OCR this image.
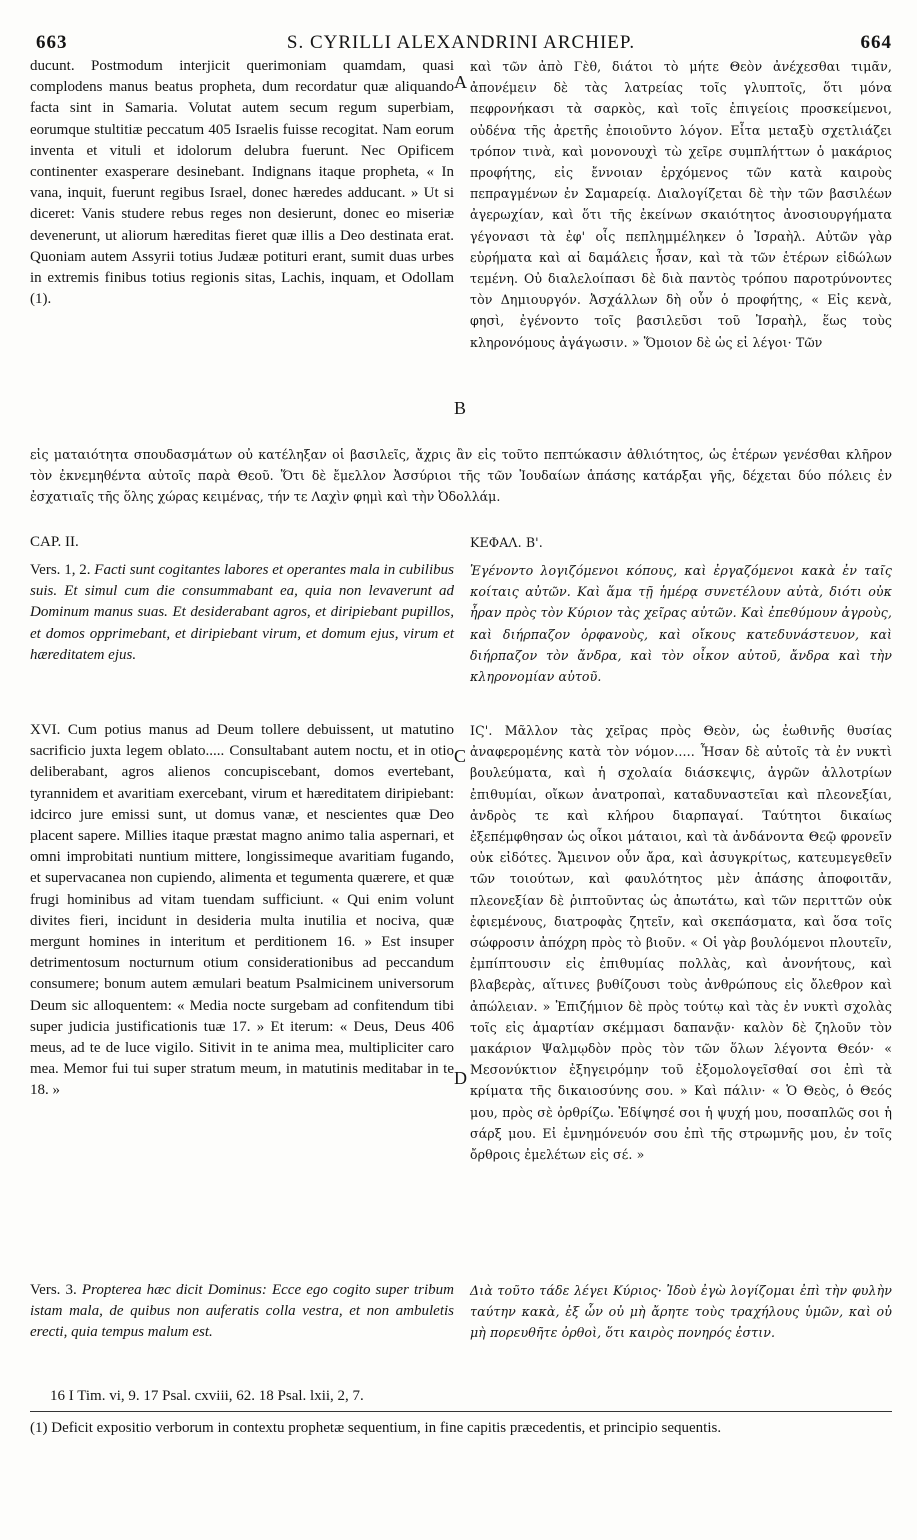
663	S. CYRILLI ALEXANDRINI ARCHIEP.	664

ducunt. Postmodum interjicit querimoniam quamdam, quasi complodens manus beatus propheta, dum recordatur quæ aliquando facta sint in Samaria. Volutat autem secum regum superbiam, eorumque stultitiæ peccatum 405 Israelis fuisse recogitat. Nam eorum inventa et vituli et idolorum delubra fuerunt. Nec Opificem continenter exasperare desinebant. Indignans itaque propheta, « In vana, inquit, fuerunt regibus Israel, donec hæredes adducant. » Ut si diceret: Vanis studere rebus reges non desierunt, donec eo miseriæ devenerunt, ut aliorum hæreditas fieret quæ illis a Deo destinata erat. Quoniam autem Assyrii totius Judææ potituri erant, sumit duas urbes in extremis finibus totius regionis sitas, Lachis, inquam, et Odollam (1).

καὶ τῶν ἀπὸ Γὲθ, διάτοι τὸ μήτε Θεὸν ἀνέχεσθαι τιμᾶν, ἀπονέμειν δὲ τὰς λατρείας τοῖς γλυπτοῖς, ὅτι μόνα πεφρονήκασι τὰ σαρκὸς, καὶ τοῖς ἐπιγείοις προσκείμενοι, οὐδένα τῆς ἀρετῆς ἐποιοῦντο λόγον. Εἶτα μεταξὺ σχετλιάζει τρόπον τινὰ, καὶ μονονουχὶ τὼ χεῖρε συμπλήττων ὁ μακάριος προφήτης, εἰς ἔννοιαν ἐρχόμενος τῶν κατὰ καιροὺς πεπραγμένων ἐν Σαμαρείᾳ. Διαλογίζεται δὲ τὴν τῶν βασιλέων ἀγερωχίαν, καὶ ὅτι τῆς ἐκείνων σκαιότητος ἀνοσιουργήματα γέγονασι τὰ ἐφ' οἷς πεπλημμέληκεν ὁ Ἰσραὴλ. Αὐτῶν γὰρ εὑρήματα καὶ αἱ δαμάλεις ἦσαν, καὶ τὰ τῶν ἑτέρων εἰδώλων τεμένη. Οὐ διαλελοίπασι δὲ διὰ παντὸς τρόπου παροτρύνοντες τὸν Δημιουργόν. Ἀσχάλλων δὴ οὖν ὁ προφήτης, « Εἰς κενὰ, φησὶ, ἐγένοντο τοῖς βασιλεῦσι τοῦ Ἰσραὴλ, ἕως τοὺς κληρονόμους ἀγάγωσιν. » Ὅμοιον δὲ ὡς εἰ λέγοι· Τῶν

A
B

εἰς ματαιότητα σπουδασμάτων οὐ κατέληξαν οἱ βασιλεῖς, ἄχρις ἂν εἰς τοῦτο πεπτώκασιν ἀθλιότητος, ὡς ἑτέρων γενέσθαι κλῆρον τὸν ἐκνεμηθέντα αὐτοῖς παρὰ Θεοῦ. Ὅτι δὲ ἔμελλον Ἀσσύριοι τῆς τῶν Ἰουδαίων ἁπάσης κατάρξαι γῆς, δέχεται δύο πόλεις ἐν ἐσχατιαῖς τῆς ὅλης χώρας κειμένας, τήν τε Λαχὶν φημὶ καὶ τὴν Ὀδολλάμ.

CAP. II.	ΚΕΦΑΛ. Β'.

Vers. 1, 2. Facti sunt cogitantes labores et operantes mala in cubilibus suis. Et simul cum die consummabant ea, quia non levaverunt ad Dominum manus suas. Et desiderabant agros, et diripiebant pupillos, et domos opprimebant, et diripiebant virum, et domum ejus, virum et hæreditatem ejus.

Ἐγένοντο λογιζόμενοι κόπους, καὶ ἐργαζόμενοι κακὰ ἐν ταῖς κοίταις αὐτῶν. Καὶ ἅμα τῇ ἡμέρᾳ συνετέλουν αὐτὰ, διότι οὐκ ἦραν πρὸς τὸν Κύριον τὰς χεῖρας αὐτῶν. Καὶ ἐπεθύμουν ἀγροὺς, καὶ διήρπαζον ὀρφανοὺς, καὶ οἴκους κατεδυνάστευον, καὶ διήρπαζον τὸν ἄνδρα, καὶ τὸν οἶκον αὐτοῦ, ἄνδρα καὶ τὴν κληρονομίαν αὐτοῦ.

XVI. Cum potius manus ad Deum tollere debuissent, ut matutino sacrificio juxta legem oblato..... Consultabant autem noctu, et in otio deliberabant, agros alienos concupiscebant, domos evertebant, tyrannidem et avaritiam exercebant, virum et hæreditatem diripiebant: idcirco jure emissi sunt, ut domus vanæ, et nescientes quæ Deo placent sapere. Millies itaque præstat magno animo talia aspernari, et omni improbitati nuntium mittere, longissimeque avaritiam fugando, et supervacanea non cupiendo, alimenta et tegumenta quærere, et quæ frugi hominibus ad vitam tuendam sufficiunt. « Qui enim volunt divites fieri, incidunt in desideria multa inutilia et nociva, quæ mergunt homines in interitum et perditionem 16. » Est insuper detrimentosum nocturnum otium considerationibus ad peccandum consumere; bonum autem æmulari beatum Psalmicinem universorum Deum sic alloquentem: « Media nocte surgebam ad confitendum tibi super judicia justificationis tuæ 17. » Et iterum: « Deus, Deus 406 meus, ad te de luce vigilo. Sitivit in te anima mea, multipliciter caro mea. Memor fui tui super stratum meum, in matutinis meditabar in te 18. »

ΙϚ'. Μᾶλλον τὰς χεῖρας πρὸς Θεὸν, ὡς ἐωθινῆς θυσίας ἀναφερομένης κατὰ τὸν νόμον..... Ἦσαν δὲ αὐτοῖς τὰ ἐν νυκτὶ βουλεύματα, καὶ ἡ σχολαία διάσκεψις, ἀγρῶν ἀλλοτρίων ἐπιθυμίαι, οἴκων ἀνατροπαὶ, καταδυναστεῖαι καὶ πλεονεξίαι, ἀνδρὸς τε καὶ κλήρου διαρπαγαί. Ταύτητοι δικαίως ἐξεπέμφθησαν ὡς οἶκοι μάταιοι, καὶ τὰ ἀνδάνοντα Θεῷ φρονεῖν οὐκ εἰδότες. Ἄμεινον οὖν ἄρα, καὶ ἀσυγκρίτως, κατευμεγεθεῖν τῶν τοιούτων, καὶ φαυλότητος μὲν ἁπάσης ἀποφοιτᾶν, πλεονεξίαν δὲ ῥιπτοῦντας ὡς ἀπωτάτω, καὶ τῶν περιττῶν οὐκ ἐφιεμένους, διατροφὰς ζητεῖν, καὶ σκεπάσματα, καὶ ὅσα τοῖς σώφροσιν ἀπόχρη πρὸς τὸ βιοῦν. « Οἱ γὰρ βουλόμενοι πλουτεῖν, ἐμπίπτουσιν εἰς ἐπιθυμίας πολλὰς, καὶ ἀνονήτους, καὶ βλαβερὰς, αἵτινες βυθίζουσι τοὺς ἀνθρώπους εἰς ὄλεθρον καὶ ἀπώλειαν. » Ἐπιζήμιον δὲ πρὸς τούτῳ καὶ τὰς ἐν νυκτὶ σχολὰς τοῖς εἰς ἁμαρτίαν σκέμμασι δαπανᾷν· καλὸν δὲ ζηλοῦν τὸν μακάριον Ψαλμῳδὸν πρὸς τὸν τῶν ὅλων λέγοντα Θεόν· « Μεσονύκτιον ἐξηγειρόμην τοῦ ἐξομολογεῖσθαί σοι ἐπὶ τὰ κρίματα τῆς δικαιοσύνης σου. » Καὶ πάλιν· « Ὁ Θεὸς, ὁ Θεός μου, πρὸς σὲ ὀρθρίζω. Ἐδίψησέ σοι ἡ ψυχή μου, ποσαπλῶς σοι ἡ σάρξ μου. Εἰ ἐμνημόνευόν σου ἐπὶ τῆς στρωμνῆς μου, ἐν τοῖς ὄρθροις ἐμελέτων εἰς σέ. »

C
D

Vers. 3. Propterea hæc dicit Dominus: Ecce ego cogito super tribum istam mala, de quibus non auferatis colla vestra, et non ambuletis erecti, quia tempus malum est.

Διὰ τοῦτο τάδε λέγει Κύριος· Ἰδοὺ ἐγὼ λογίζομαι ἐπὶ τὴν φυλὴν ταύτην κακὰ, ἐξ ὧν οὐ μὴ ἄρητε τοὺς τραχήλους ὑμῶν, καὶ οὐ μὴ πορευθῆτε ὀρθοὶ, ὅτι καιρὸς πονηρός ἐστιν.

16 I Tim. vi, 9. 17 Psal. cxviii, 62. 18 Psal. lxii, 2, 7.

(1) Deficit expositio verborum in contextu prophetæ sequentium, in fine capitis præcedentis, et principio sequentis.
